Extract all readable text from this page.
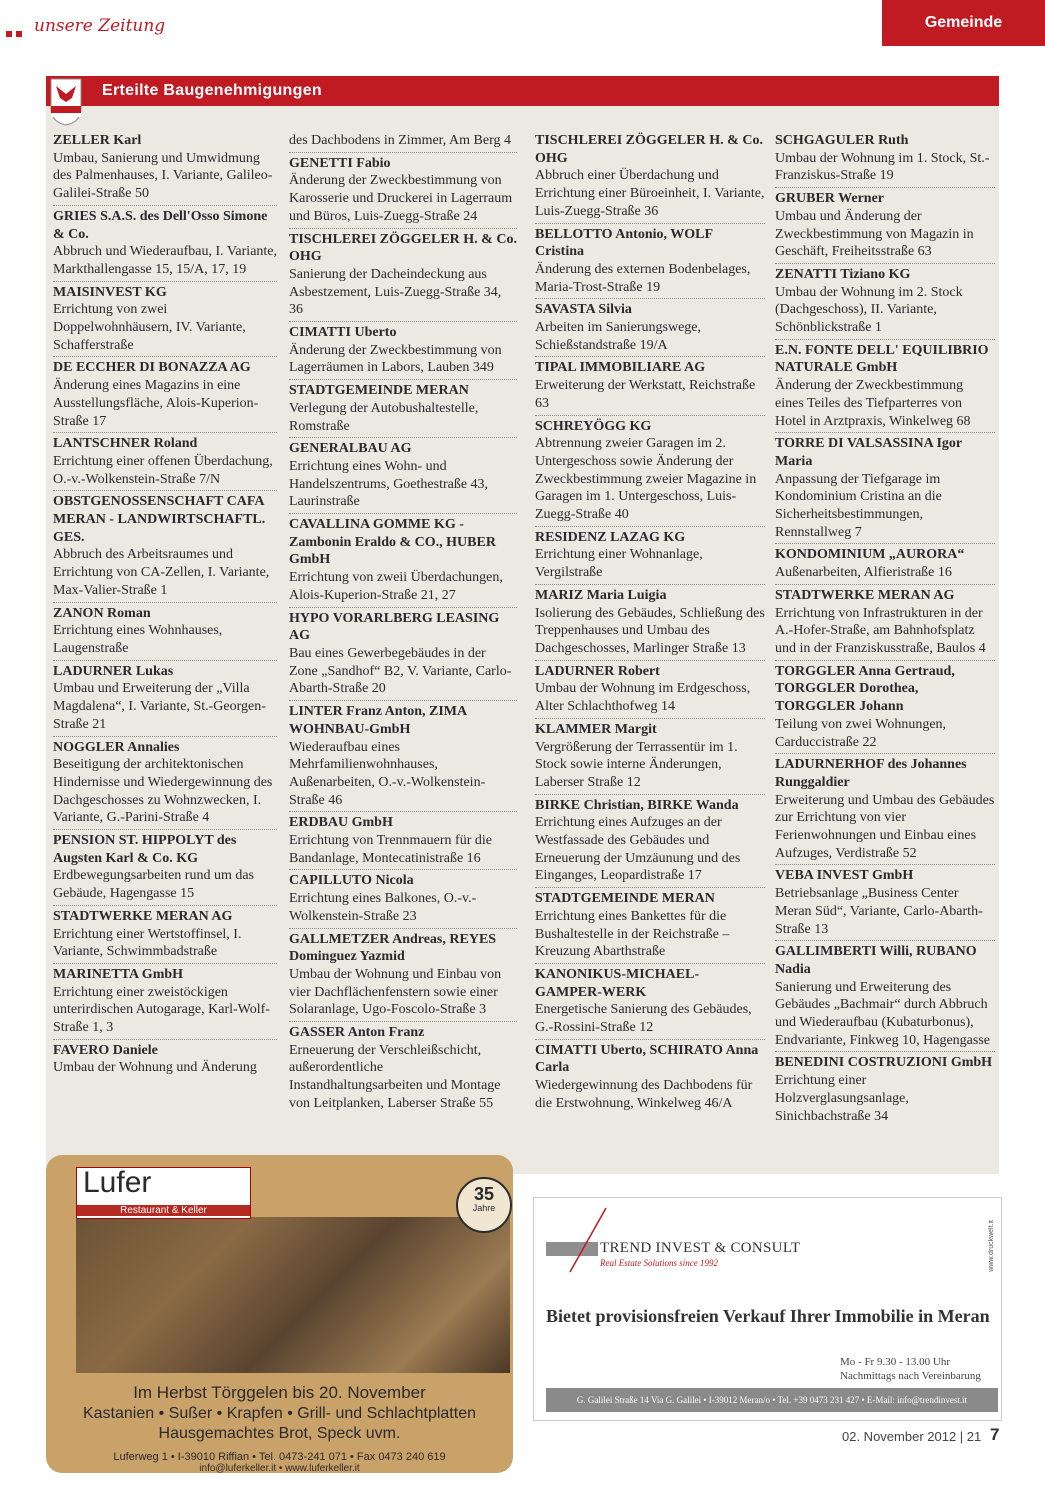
unsere Zeitung	Gemeinde
Erteilte Baugenehmigungen
ZELLER Karl
Umbau, Sanierung und Umwidmung des Palmenhauses, I. Variante, Galileo-Galilei-Straße 50
GRIES S.A.S. des Dell'Osso Simone & Co.
Abbruch und Wiederaufbau, I. Variante, Markthallengasse 15, 15/A, 17, 19
MAISINVEST KG
Errichtung von zwei Doppelwohnhäusern, IV. Variante, Schafferstraße
DE ECCHER DI BONAZZA AG
Änderung eines Magazins in eine Ausstellungsfläche, Alois-Kuperion-Straße 17
LANTSCHNER Roland
Errichtung einer offenen Überdachung, O.-v.-Wolkenstein-Straße 7/N
OBSTGENOSSENSCHAFT CAFA MERAN - LANDWIRTSCHAFTL. GES.
Abbruch des Arbeitsraumes und Errichtung von CA-Zellen, I. Variante, Max-Valier-Straße 1
ZANON Roman
Errichtung eines Wohnhauses, Laugenstraße
LADURNER Lukas
Umbau und Erweiterung der „Villa Magdalena“, I. Variante, St.-Georgen-Straße 21
NOGGLER Annalies
Beseitigung der architektonischen Hindernisse und Wiedergewinnung des Dachgeschosses zu Wohnzwecken, I. Variante, G.-Parini-Straße 4
PENSION ST. HIPPOLYT des Augsten Karl & Co. KG
Erdbewegungsarbeiten rund um das Gebäude, Hagengasse 15
STADTWERKE MERAN AG
Errichtung einer Wertstoffinsel, I. Variante, Schwimmbadstraße
MARINETTA GmbH
Errichtung einer zweistöckigen unterirdischen Autogarage, Karl-Wolf-Straße 1, 3
FAVERO Daniele
Umbau der Wohnung und Änderung
des Dachbodens in Zimmer, Am Berg 4
GENETTI Fabio
Änderung der Zweckbestimmung von Karosserie und Druckerei in Lagerraum und Büros, Luis-Zuegg-Straße 24
TISCHLEREI ZÖGGELER H. & Co. OHG
Sanierung der Dacheindeckung aus Asbestzement, Luis-Zuegg-Straße 34, 36
CIMATTI Uberto
Änderung der Zweckbestimmung von Lagerräumen in Labors, Lauben 349
STADTGEMEINDE MERAN
Verlegung der Autobushaltestelle, Romstraße
GENERALBAU AG
Errichtung eines Wohn- und Handelszentrums, Goethestraße 43, Laurinstraße
CAVALLINA GOMME KG - Zambonin Eraldo & CO., HUBER GmbH
Errichtung von zweii Überdachungen, Alois-Kuperion-Straße 21, 27
HYPO VORARLBERG LEASING AG
Bau eines Gewerbegebäudes in der Zone „Sandhof“ B2, V. Variante, Carlo-Abarth-Straße 20
LINTER Franz Anton, ZIMA WOHNBAU-GmbH
Wiederaufbau eines Mehrfamilienwohnhauses, Außenarbeiten, O.-v.-Wolkenstein-Straße 46
ERDBAU GmbH
Errichtung von Trennmauern für die Bandanlage, Montecatinistraße 16
CAPILLUTO Nicola
Errichtung eines Balkones, O.-v.-Wolkenstein-Straße 23
GALLMETZER Andreas, REYES Dominguez Yazmid
Umbau der Wohnung und Einbau von vier Dachflächenfenstern sowie einer Solaranlage, Ugo-Foscolo-Straße 3
GASSER Anton Franz
Erneuerung der Verschleißschicht, außerordentliche Instandhaltungsarbeiten und Montage von Leitplanken, Laberser Straße 55
TISCHLEREI ZÖGGELER H. & Co. OHG
Abbruch einer Überdachung und Errichtung einer Büroeinheit, I. Variante, Luis-Zuegg-Straße 36
BELLOTTO Antonio, WOLF Cristina
Änderung des externen Bodenbelages, Maria-Trost-Straße 19
SAVASTA Silvia
Arbeiten im Sanierungswege, Schießstandstraße 19/A
TIPAL IMMOBILIARE AG
Erweiterung der Werkstatt, Reichstraße 63
SCHREYÖGG KG
Abtrennung zweier Garagen im 2. Untergeschoss sowie Änderung der Zweckbestimmung zweier Magazine in Garagen im 1. Untergeschoss, Luis-Zuegg-Straße 40
RESIDENZ LAZAG KG
Errichtung einer Wohnanlage, Vergilstraße
MARIZ Maria Luigia
Isolierung des Gebäudes, Schließung des Treppenhauses und Umbau des Dachgeschosses, Marlinger Straße 13
LADURNER Robert
Umbau der Wohnung im Erdgeschoss, Alter Schlachthofweg 14
KLAMMER Margit
Vergrößerung der Terrassentür im 1. Stock sowie interne Änderungen, Laberser Straße 12
BIRKE Christian, BIRKE Wanda
Errichtung eines Aufzuges an der Westfassade des Gebäudes und Erneuerung der Umzäunung und des Einganges, Leopardistraße 17
STADTGEMEINDE MERAN
Errichtung eines Bankettes für die Bushaltestelle in der Reichstraße – Kreuzung Abarthstraße
KANONIKUS-MICHAEL-GAMPER-WERK
Energetische Sanierung des Gebäudes, G.-Rossini-Straße 12
CIMATTI Uberto, SCHIRATO Anna Carla
Wiedergewinnung des Dachbodens für die Erstwohnung, Winkelweg 46/A
SCHGAGULER Ruth
Umbau der Wohnung im 1. Stock, St.-Franziskus-Straße 19
GRUBER Werner
Umbau und Änderung der Zweckbestimmung von Magazin in Geschäft, Freiheitsstraße 63
ZENATTI Tiziano KG
Umbau der Wohnung im 2. Stock (Dachgeschoss), II. Variante, Schönblickstraße 1
E.N. FONTE DELL' EQUILIBRIO NATURALE GmbH
Änderung der Zweckbestimmung eines Teiles des Tiefparterres von Hotel in Arztpraxis, Winkelweg 68
TORRE DI VALSASSINA Igor Maria
Anpassung der Tiefgarage im Kondominium Cristina an die Sicherheitsbestimmungen, Rennstallweg 7
KONDOMINIUM „AURORA“
Außenarbeiten, Alfieristraße 16
STADTWERKE MERAN AG
Errichtung von Infrastrukturen in der A.-Hofer-Straße, am Bahnhofsplatz und in der Franziskusstraße, Baulos 4
TORGGLER Anna Gertraud, TORGGLER Dorothea, TORGGLER Johann
Teilung von zwei Wohnungen, Carduccistraße 22
LADURNERHOF des Johannes Runggaldier
Erweiterung und Umbau des Gebäudes zur Errichtung von vier Ferienwohnungen und Einbau eines Aufzuges, Verdistraße 52
VEBA INVEST GmbH
Betriebsanlage „Business Center Meran Süd“, Variante, Carlo-Abarth-Straße 13
GALLIMBERTI Willi, RUBANO Nadia
Sanierung und Erweiterung des Gebäudes „Bachmair“ durch Abbruch und Wiederaufbau (Kubaturbonus), Endvariante, Finkweg 10, Hagengasse
BENEDINI COSTRUZIONI GmbH
Errichtung einer Holzverglasungsanlage, Sinichbachstraße 34
Lufer
Restaurant & Keller
35
Jahre
Im Herbst Törggelen bis 20. November
Kastanien • Sußer • Krapfen • Grill- und Schlachtplatten
Hausgemachtes Brot, Speck uvm.
Luferweg 1 • I-39010 Riffian • Tel. 0473-241 071 • Fax 0473 240 619
info@luferkeller.it • www.luferkeller.it
TREND INVEST & CONSULT
Real Estate Solutions since 1992	www.druckwelt.it
Bietet provisionsfreien Verkauf Ihrer Immobilie in Meran
Mo - Fr 9.30 - 13.00 Uhr
Nachmittags nach Vereinbarung
G. Galilei Straße 14 Via G. Galilei • I-39012 Meran/o • Tel. +39 0473 231 427 • E-Mail: info@trendinvest.it
02. November 2012 | 21 7
